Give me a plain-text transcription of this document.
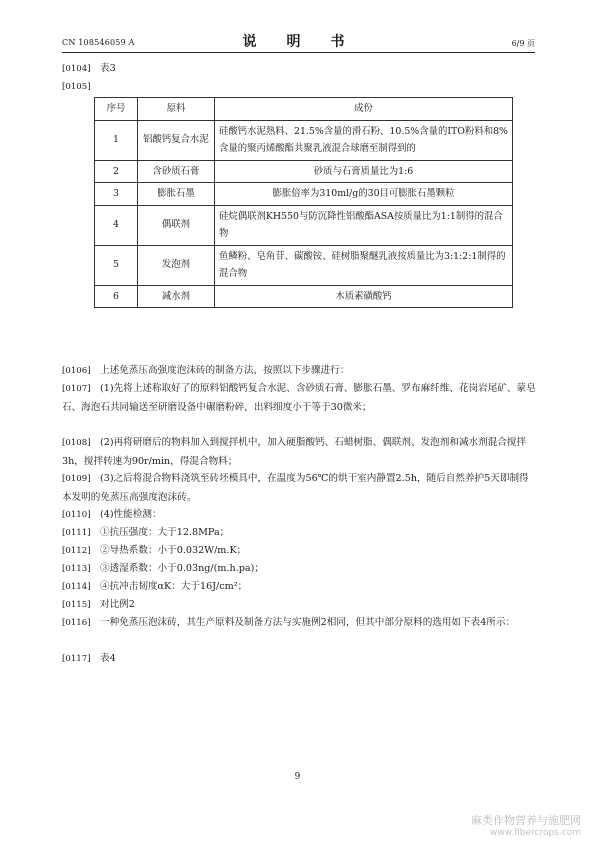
CN 108546059 A	说　明　书	6/9 页
[0104] 表3
[0105]
序号	原料	成份
1	铝酸钙复合水泥	硅酸钙水泥熟料、21.5%含量的滑石粉、10.5%含量的ITO粉料和8%含量的聚丙烯酸酯共聚乳液混合球磨至制得到的
2	含砂质石膏	砂质与石膏质量比为1:6
3	膨胀石墨	膨胀倍率为310ml/g的30目可膨胀石墨颗粒
4	偶联剂	硅烷偶联剂KH550与防沉降性铝酸酯ASA按质量比为1:1制得的混合物
5	发泡剂	鱼鳞粉、皂角苷、碳酸铵、硅树脂聚醚乳液按质量比为3:1:2:1制得的混合物
6	减水剂	木质素磺酸钙
[0106] 上述免蒸压高强度泡沫砖的制备方法，按照以下步骤进行：
[0107] (1)先将上述称取好了的原料铝酸钙复合水泥、含砂质石膏、膨胀石墨、罗布麻纤维、花岗岩尾矿、蒙皂石、海泡石共同输送至研磨设备中碾磨粉碎，出料细度小于等于30微米；
[0108] (2)再将研磨后的物料加入到搅拌机中，加入硬脂酸钙、石蜡树脂、偶联剂、发泡剂和减水剂混合搅拌3h，搅拌转速为90r/min，得混合物料；
[0109] (3)之后将混合物料浇筑至砖坯模具中，在温度为56℃的烘干室内静置2.5h，随后自然养护5天即制得本发明的免蒸压高强度泡沫砖。
[0110] (4)性能检测：
[0111] ①抗压强度：大于12.8MPa；
[0112] ②导热系数：小于0.032W/m.K；
[0113] ③透湿系数：小于0.03ng/(m.h.pa)；
[0114] ④抗冲击韧度αK：大于16J/cm²；
[0115] 对比例2
[0116] 一种免蒸压泡沫砖，其生产原料及制备方法与实施例2相同，但其中部分原料的选用如下表4所示：
[0117] 表4
9
麻类作物营养与施肥网
www.fibercrops.com
